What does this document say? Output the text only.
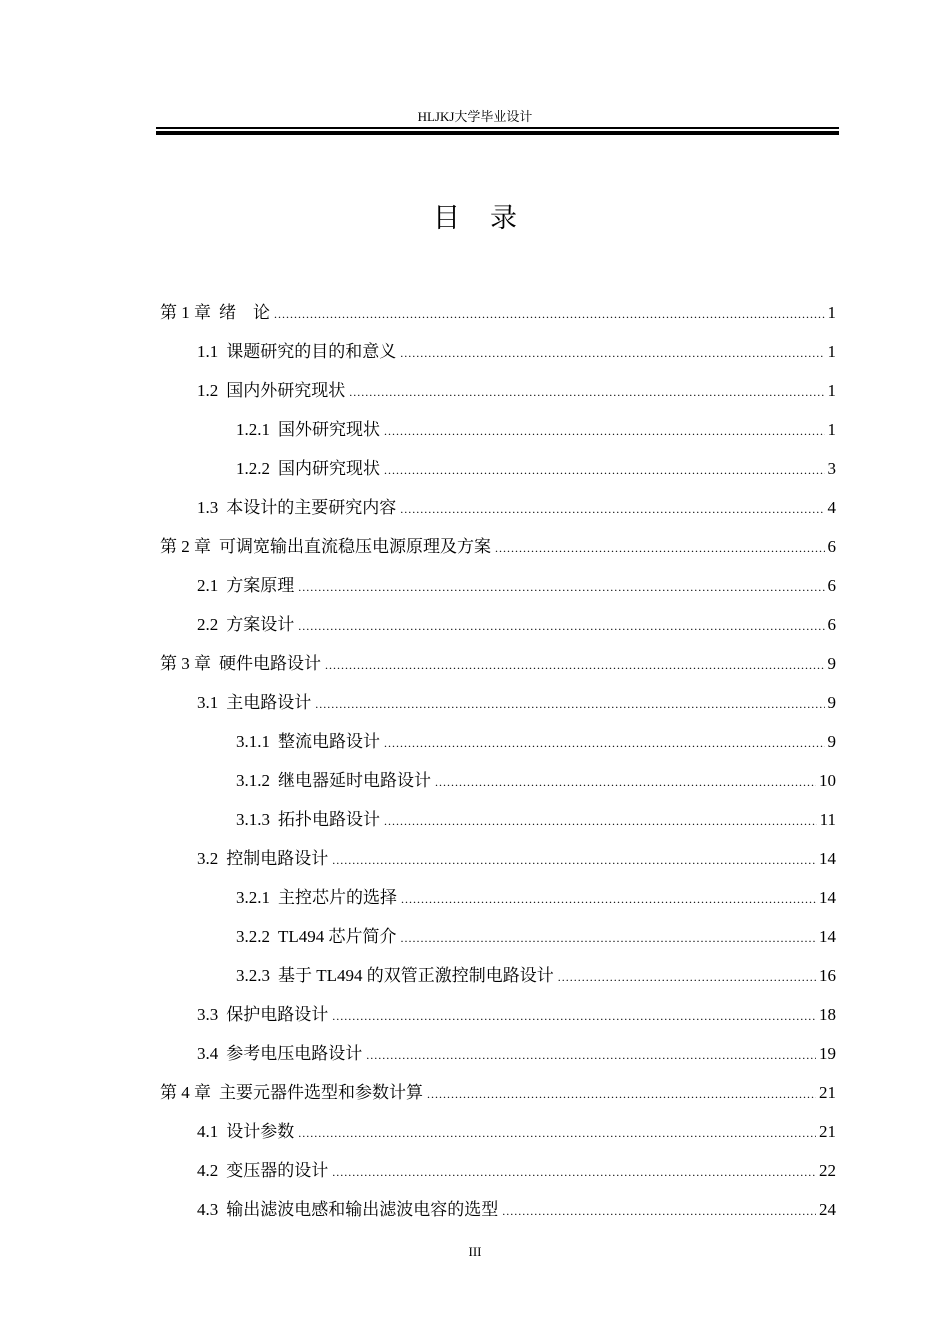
HLJKJ大学毕业设计
目录
第 1 章 绪　论 .....	1
1.1 课题研究的目的和意义 .....	1
1.2 国内外研究现状 .....	1
1.2.1 国外研究现状 .....	1
1.2.2 国内研究现状 .....	3
1.3 本设计的主要研究内容 .....	4
第 2 章 可调宽输出直流稳压电源原理及方案 .....	6
2.1 方案原理 .....	6
2.2 方案设计 .....	6
第 3 章 硬件电路设计 .....	9
3.1 主电路设计 .....	9
3.1.1 整流电路设计 .....	9
3.1.2 继电器延时电路设计 .....	10
3.1.3 拓扑电路设计 .....	11
3.2 控制电路设计 .....	14
3.2.1 主控芯片的选择 .....	14
3.2.2 TL494 芯片简介 .....	14
3.2.3 基于 TL494 的双管正激控制电路设计 .....	16
3.3 保护电路设计 .....	18
3.4 参考电压电路设计 .....	19
第 4 章 主要元器件选型和参数计算 .....	21
4.1 设计参数 .....	21
4.2 变压器的设计 .....	22
4.3 输出滤波电感和输出滤波电容的选型 .....	24
III
